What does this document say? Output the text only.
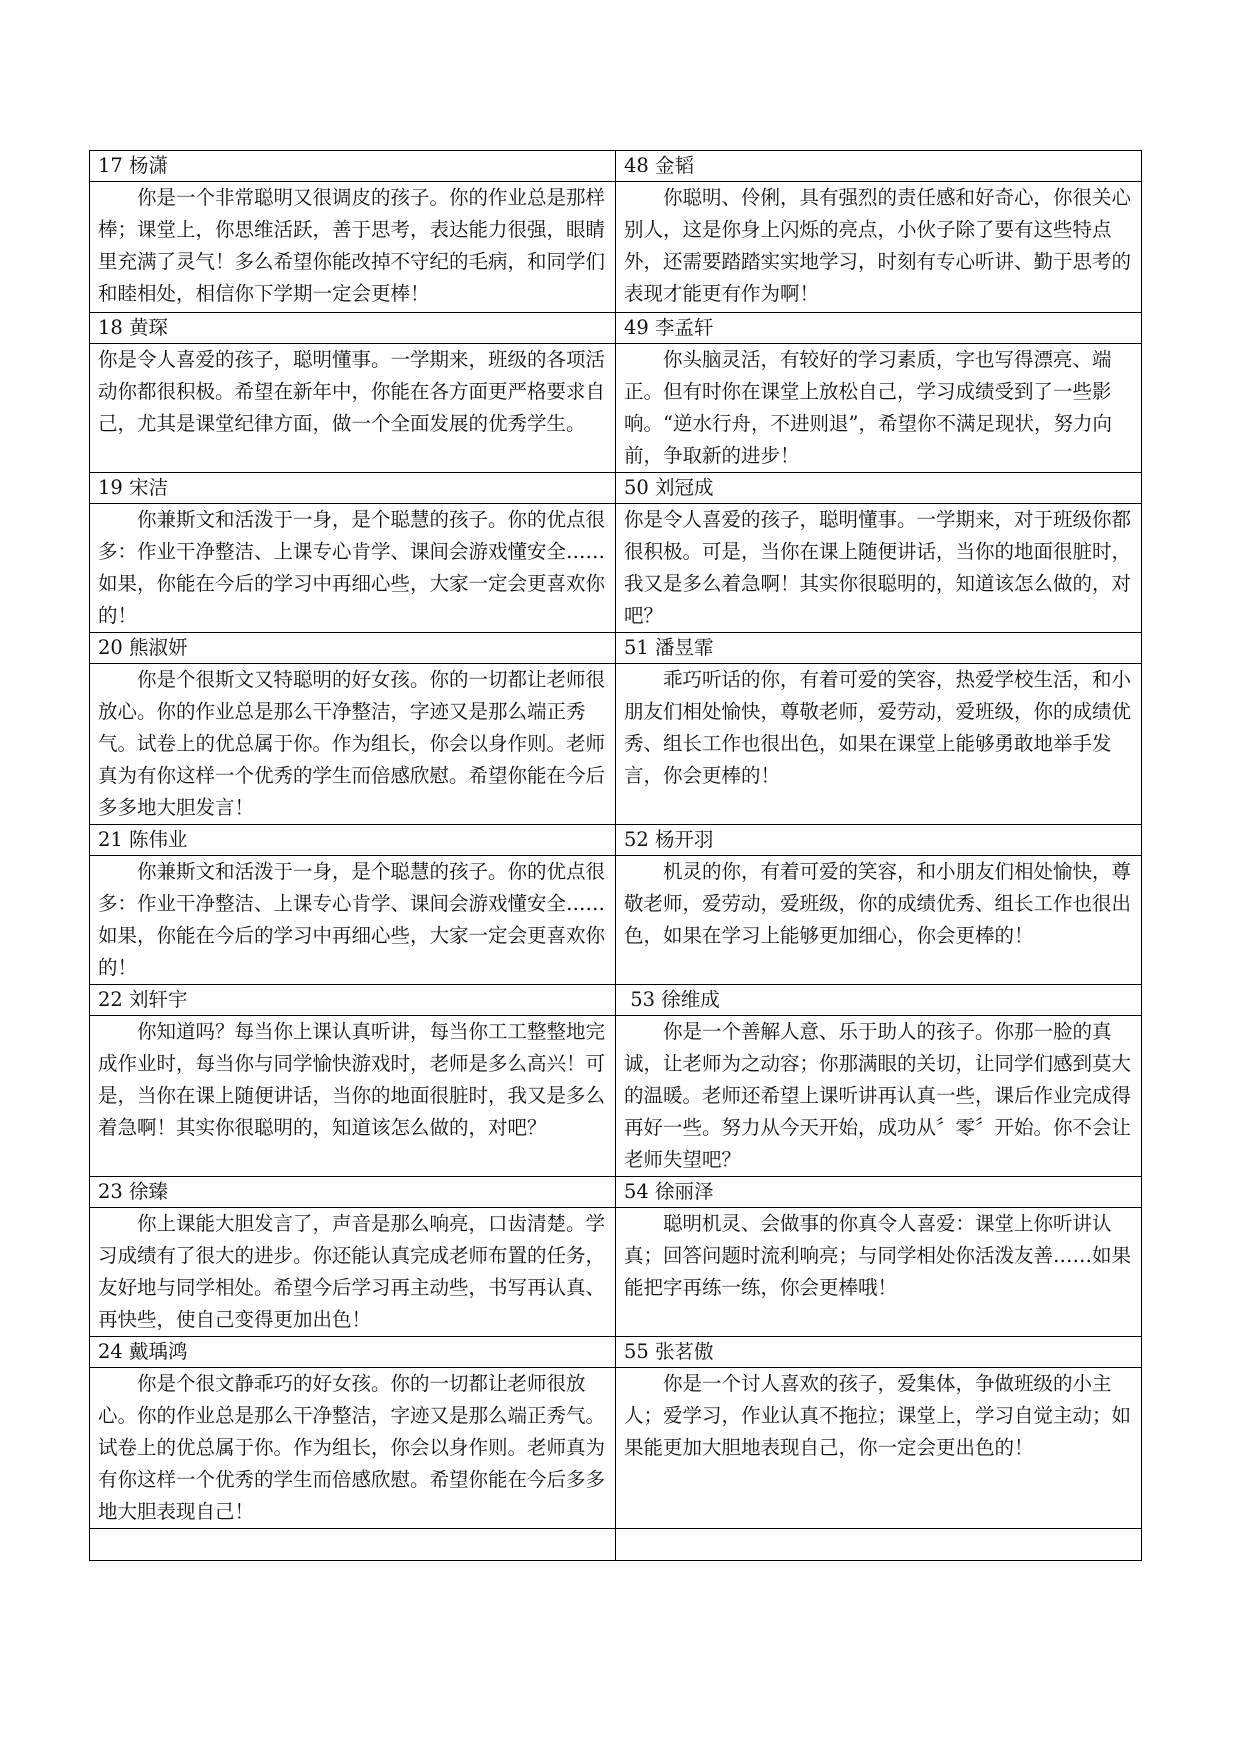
17 杨潇	48 金韬

你是一个非常聪明又很调皮的孩子。你的作业总是那样棒；课堂上，你思维活跃，善于思考，表达能力很强，眼睛里充满了灵气！多么希望你能改掉不守纪的毛病，和同学们和睦相处，相信你下学期一定会更棒！	你聪明、伶俐，具有强烈的责任感和好奇心，你很关心别人，这是你身上闪烁的亮点，小伙子除了要有这些特点外，还需要踏踏实实地学习，时刻有专心听讲、勤于思考的表现才能更有作为啊！

18 黄琛	49 李孟轩

你是令人喜爱的孩子，聪明懂事。一学期来，班级的各项活动你都很积极。希望在新年中，你能在各方面更严格要求自己，尤其是课堂纪律方面，做一个全面发展的优秀学生。	你头脑灵活，有较好的学习素质，字也写得漂亮、端正。但有时你在课堂上放松自己，学习成绩受到了一些影响。“逆水行舟，不进则退”，希望你不满足现状，努力向前，争取新的进步！

19 宋洁	50 刘冠成

你兼斯文和活泼于一身，是个聪慧的孩子。你的优点很多：作业干净整洁、上课专心肯学、课间会游戏懂安全……如果，你能在今后的学习中再细心些，大家一定会更喜欢你的！	你是令人喜爱的孩子，聪明懂事。一学期来，对于班级你都很积极。可是，当你在课上随便讲话，当你的地面很脏时，我又是多么着急啊！其实你很聪明的，知道该怎么做的，对吧？

20 熊淑妍	51 潘昱霏

你是个很斯文又特聪明的好女孩。你的一切都让老师很放心。你的作业总是那么干净整洁，字迹又是那么端正秀气。试卷上的优总属于你。作为组长，你会以身作则。老师真为有你这样一个优秀的学生而倍感欣慰。希望你能在今后多多地大胆发言！	乖巧听话的你，有着可爱的笑容，热爱学校生活，和小朋友们相处愉快，尊敬老师，爱劳动，爱班级，你的成绩优秀、组长工作也很出色，如果在课堂上能够勇敢地举手发言，你会更棒的！

21 陈伟业	52 杨开羽

你兼斯文和活泼于一身，是个聪慧的孩子。你的优点很多：作业干净整洁、上课专心肯学、课间会游戏懂安全……如果，你能在今后的学习中再细心些，大家一定会更喜欢你的！	机灵的你，有着可爱的笑容，和小朋友们相处愉快，尊敬老师，爱劳动，爱班级，你的成绩优秀、组长工作也很出色，如果在学习上能够更加细心，你会更棒的！

22 刘轩宇	53 徐维成

你知道吗？每当你上课认真听讲，每当你工工整整地完成作业时，每当你与同学愉快游戏时，老师是多么高兴！可是，当你在课上随便讲话，当你的地面很脏时，我又是多么着急啊！其实你很聪明的，知道该怎么做的，对吧？	你是一个善解人意、乐于助人的孩子。你那一脸的真诚，让老师为之动容；你那满眼的关切，让同学们感到莫大的温暖。老师还希望上课听讲再认真一些，课后作业完成得再好一些。努力从今天开始，成功从〞零〞开始。你不会让老师失望吧？

23 徐臻	54 徐丽泽

你上课能大胆发言了，声音是那么响亮，口齿清楚。学习成绩有了很大的进步。你还能认真完成老师布置的任务，友好地与同学相处。希望今后学习再主动些，书写再认真、再快些，使自己变得更加出色！	聪明机灵、会做事的你真令人喜爱：课堂上你听讲认真；回答问题时流利响亮；与同学相处你活泼友善……如果能把字再练一练，你会更棒哦！

24 戴瑀鸿	55 张茗傲

你是个很文静乖巧的好女孩。你的一切都让老师很放心。你的作业总是那么干净整洁，字迹又是那么端正秀气。试卷上的优总属于你。作为组长，你会以身作则。老师真为有你这样一个优秀的学生而倍感欣慰。希望你能在今后多多地大胆表现自己！	你是一个讨人喜欢的孩子，爱集体，争做班级的小主人；爱学习，作业认真不拖拉；课堂上，学习自觉主动；如果能更加大胆地表现自己，你一定会更出色的！
